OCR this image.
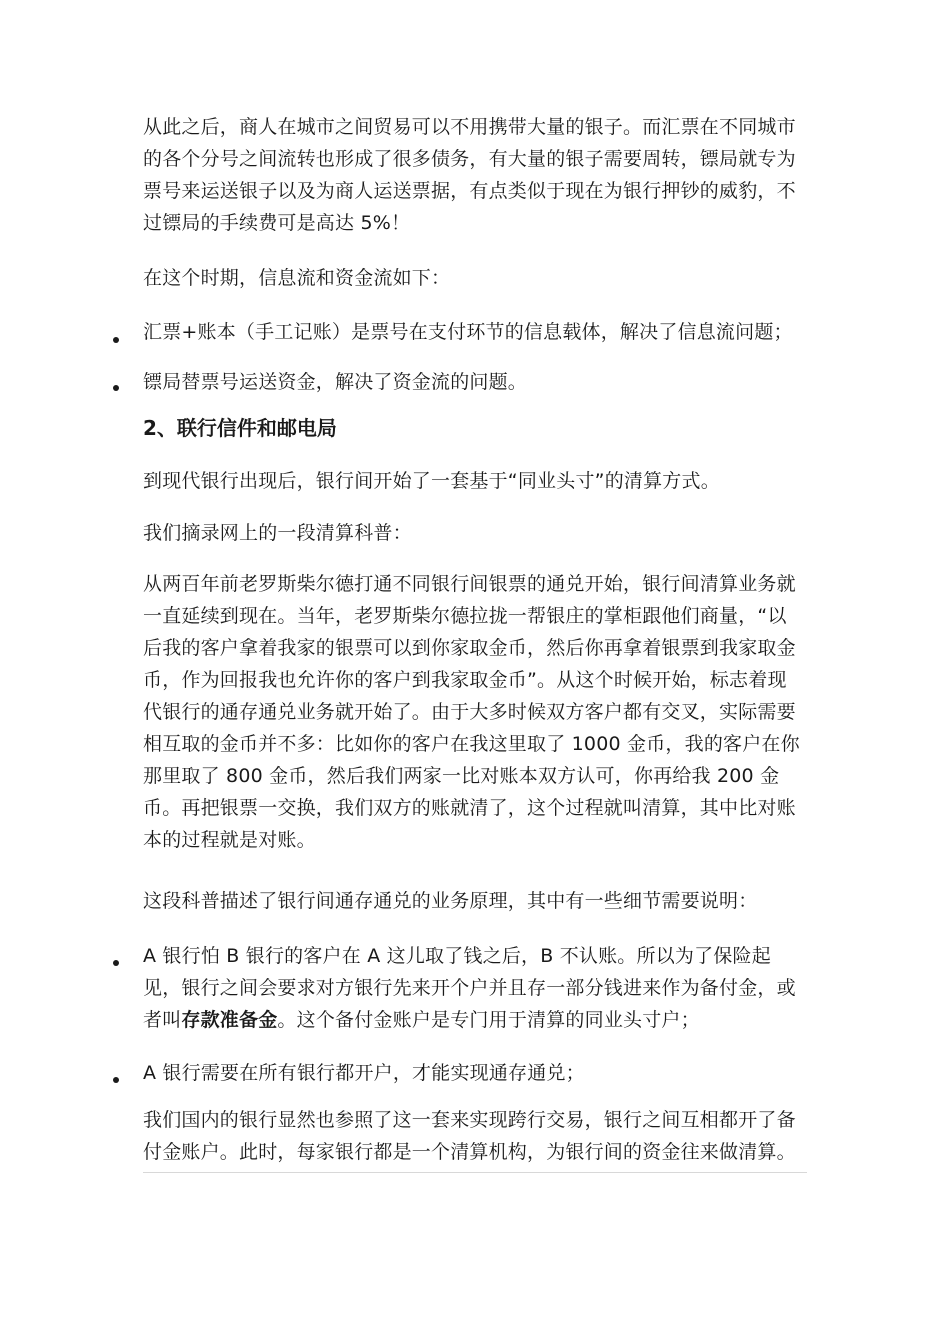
从此之后，商人在城市之间贸易可以不用携带大量的银子。而汇票在不同城市的各个分号之间流转也形成了很多债务，有大量的银子需要周转，镖局就专为票号来运送银子以及为商人运送票据，有点类似于现在为银行押钞的威豹，不过镖局的手续费可是高达 5%！

在这个时期，信息流和资金流如下：

汇票+账本（手工记账）是票号在支付环节的信息载体，解决了信息流问题；

镖局替票号运送资金，解决了资金流的问题。

2、联行信件和邮电局

到现代银行出现后，银行间开始了一套基于“同业头寸”的清算方式。

我们摘录网上的一段清算科普：

从两百年前老罗斯柴尔德打通不同银行间银票的通兑开始，银行间清算业务就一直延续到现在。当年，老罗斯柴尔德拉拢一帮银庄的掌柜跟他们商量，“以后我的客户拿着我家的银票可以到你家取金币，然后你再拿着银票到我家取金币，作为回报我也允许你的客户到我家取金币”。从这个时候开始，标志着现代银行的通存通兑业务就开始了。由于大多时候双方客户都有交叉，实际需要相互取的金币并不多：比如你的客户在我这里取了 1000 金币，我的客户在你那里取了 800 金币，然后我们两家一比对账本双方认可，你再给我 200 金币。再把银票一交换，我们双方的账就清了，这个过程就叫清算，其中比对账本的过程就是对账。

这段科普描述了银行间通存通兑的业务原理，其中有一些细节需要说明：

A 银行怕 B 银行的客户在 A 这儿取了钱之后，B 不认账。所以为了保险起见，银行之间会要求对方银行先来开个户并且存一部分钱进来作为备付金，或者叫存款准备金。这个备付金账户是专门用于清算的同业头寸户；

A 银行需要在所有银行都开户，才能实现通存通兑；

我们国内的银行显然也参照了这一套来实现跨行交易，银行之间互相都开了备付金账户。此时，每家银行都是一个清算机构，为银行间的资金往来做清算。
